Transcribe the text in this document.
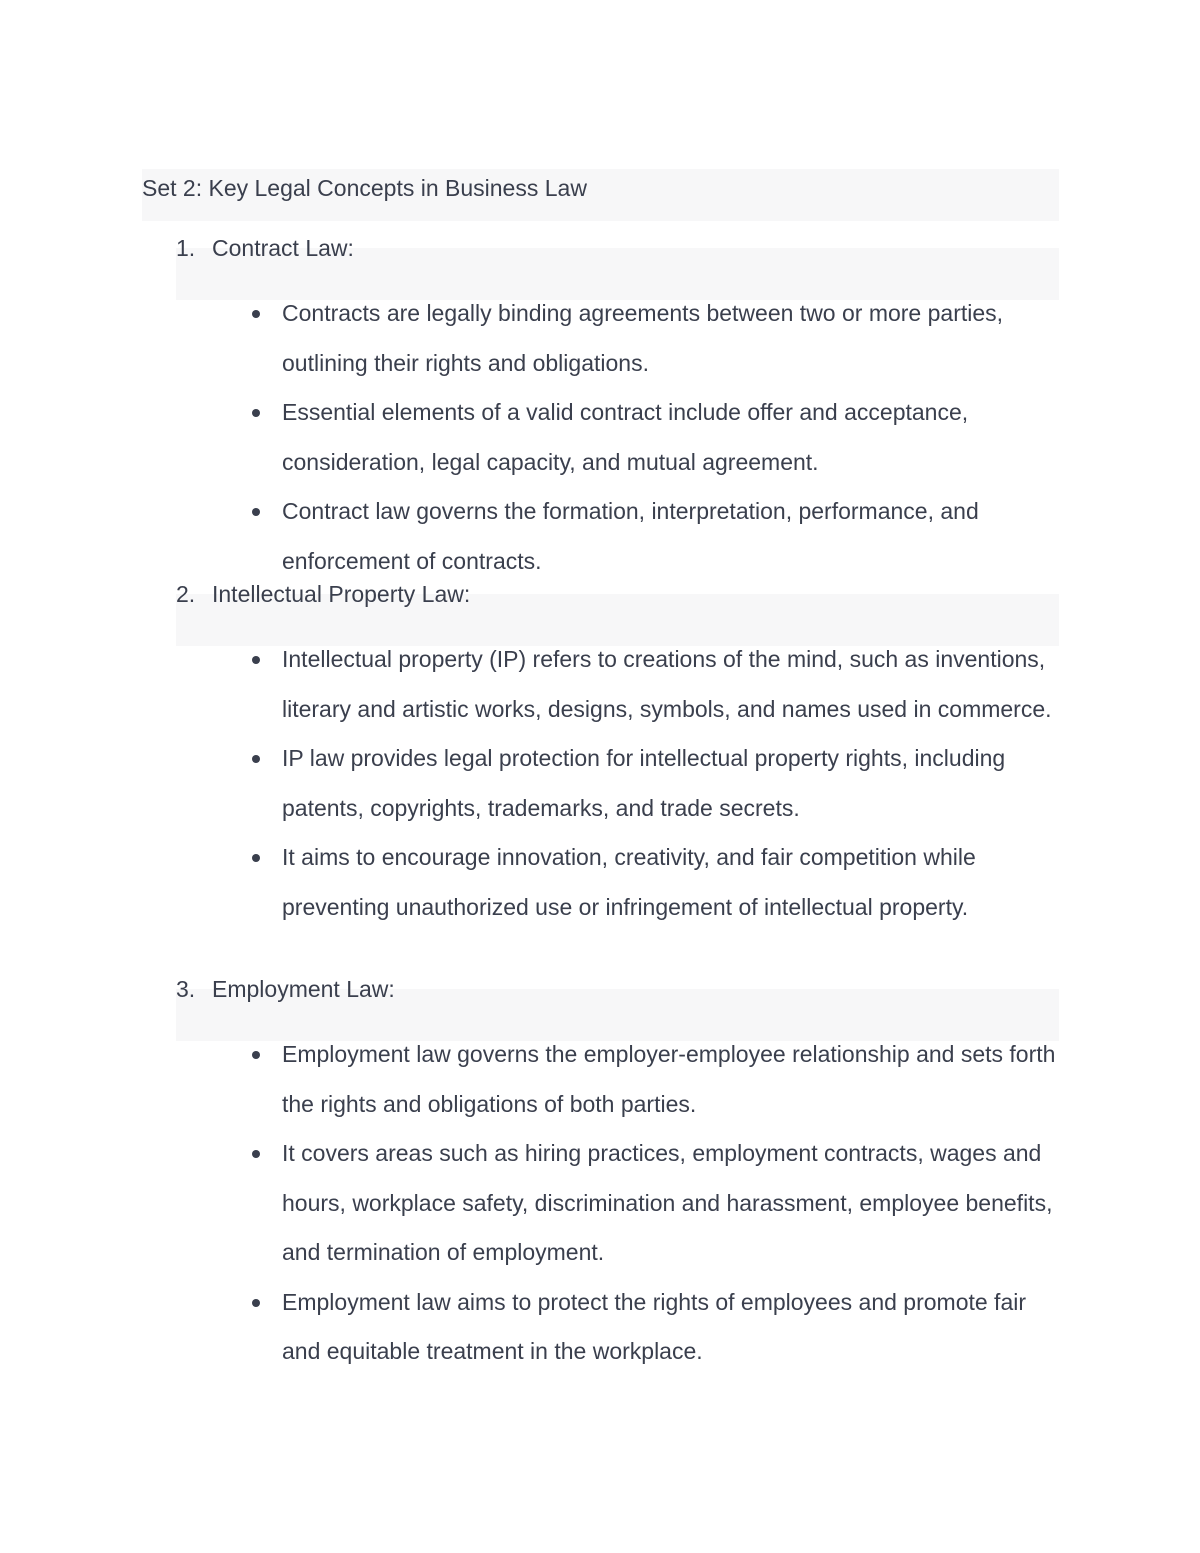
Set 2: Key Legal Concepts in Business Law
1. Contract Law:
Contracts are legally binding agreements between two or more parties, outlining their rights and obligations.
Essential elements of a valid contract include offer and acceptance, consideration, legal capacity, and mutual agreement.
Contract law governs the formation, interpretation, performance, and enforcement of contracts.
2. Intellectual Property Law:
Intellectual property (IP) refers to creations of the mind, such as inventions, literary and artistic works, designs, symbols, and names used in commerce.
IP law provides legal protection for intellectual property rights, including patents, copyrights, trademarks, and trade secrets.
It aims to encourage innovation, creativity, and fair competition while preventing unauthorized use or infringement of intellectual property.
3. Employment Law:
Employment law governs the employer-employee relationship and sets forth the rights and obligations of both parties.
It covers areas such as hiring practices, employment contracts, wages and hours, workplace safety, discrimination and harassment, employee benefits, and termination of employment.
Employment law aims to protect the rights of employees and promote fair and equitable treatment in the workplace.
